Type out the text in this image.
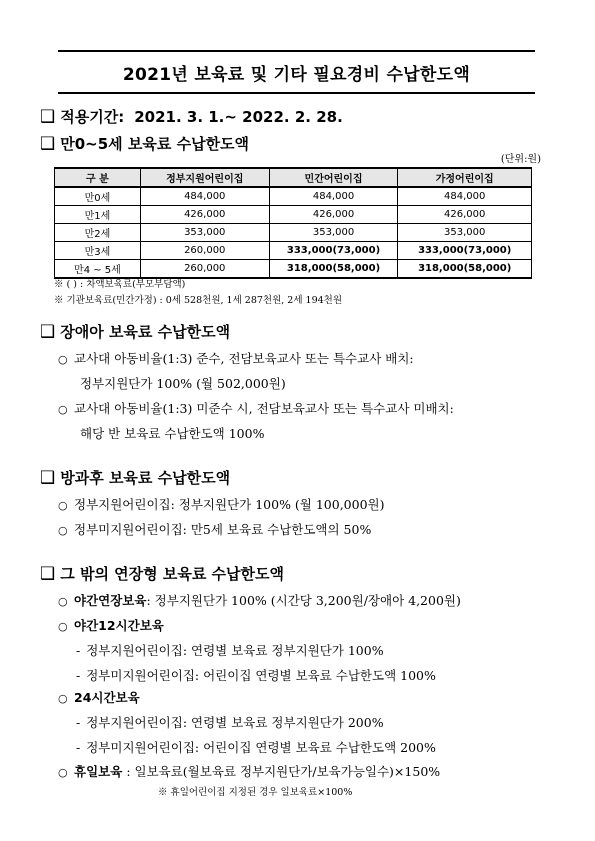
2021년 보육료 및 기타 필요경비 수납한도액
❑ 적용기간: 2021. 3. 1.~ 2022. 2. 28.
❑ 만0~5세 보육료 수납한도액
(단위:원)
구 분	정부지원어린이집	민간어린이집	가정어린이집
만0세	484,000	484,000	484,000
만1세	426,000	426,000	426,000
만2세	353,000	353,000	353,000
만3세	260,000	333,000(73,000)	333,000(73,000)
만4 ~ 5세	260,000	318,000(58,000)	318,000(58,000)
※ ( ) : 차액보육료(부모부담액)
※ 기관보육료(민간가정) : 0세 528천원, 1세 287천원, 2세 194천원
❑ 장애아 보육료 수납한도액
○ 교사대 아동비율(1:3) 준수, 전담보육교사 또는 특수교사 배치:
정부지원단가 100% (월 502,000원)
○ 교사대 아동비율(1:3) 미준수 시, 전담보육교사 또는 특수교사 미배치:
해당 반 보육료 수납한도액 100%
❑ 방과후 보육료 수납한도액
○ 정부지원어린이집: 정부지원단가 100% (월 100,000원)
○ 정부미지원어린이집: 만5세 보육료 수납한도액의 50%
❑ 그 밖의 연장형 보육료 수납한도액
○ 야간연장보육: 정부지원단가 100% (시간당 3,200원/장애아 4,200원)
○ 야간12시간보육
- 정부지원어린이집: 연령별 보육료 정부지원단가 100%
- 정부미지원어린이집: 어린이집 연령별 보육료 수납한도액 100%
○ 24시간보육
- 정부지원어린이집: 연령별 보육료 정부지원단가 200%
- 정부미지원어린이집: 어린이집 연령별 보육료 수납한도액 200%
○ 휴일보육 : 일보육료(월보육료 정부지원단가/보육가능일수)×150%
※ 휴일어린이집 지정된 경우 일보육료×100%
